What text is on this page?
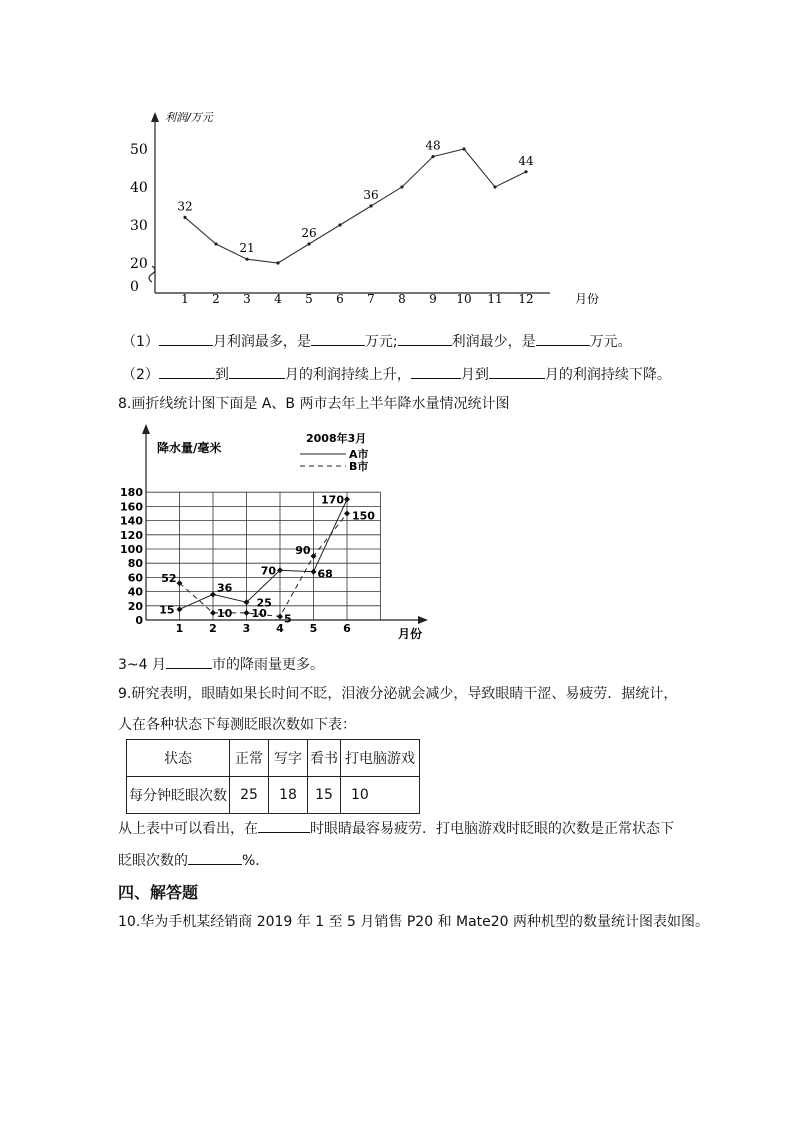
利润/万元
月份
0
20
30
40
50
1 2 3 4 5 6 7 8 9 10 11 12
32
21
26
36
48
44
（1）	月利润最多，是	万元;	利润最少，是	万元。
（2）	到	月的利润持续上升，	月到	月的利润持续下降。
8.画折线统计图下面是 A、B 两市去年上半年降水量情况统计图
降水量/毫米
2008年3月
A市
B市
月份
0
20
40
60
80
100
120
140
160
180
1 2 3 4 5 6
15
36
25
70	68
170
52
10 10 5
90
150
3~4 月	市的降雨量更多。
9.研究表明，眼睛如果长时间不眨，泪液分泌就会减少，导致眼睛干涩、易疲劳．据统计，
人在各种状态下每测眨眼次数如下表：
状态	正常	写字	看书	打电脑游戏
每分钟眨眼次数	25	18	15	10
从上表中可以看出，在	时眼睛最容易疲劳．打电脑游戏时眨眼的次数是正常状态下
眨眼次数的	%．
四、解答题
10.华为手机某经销商 2019 年 1 至 5 月销售 P20 和 Mate20 两种机型的数量统计图表如图。
